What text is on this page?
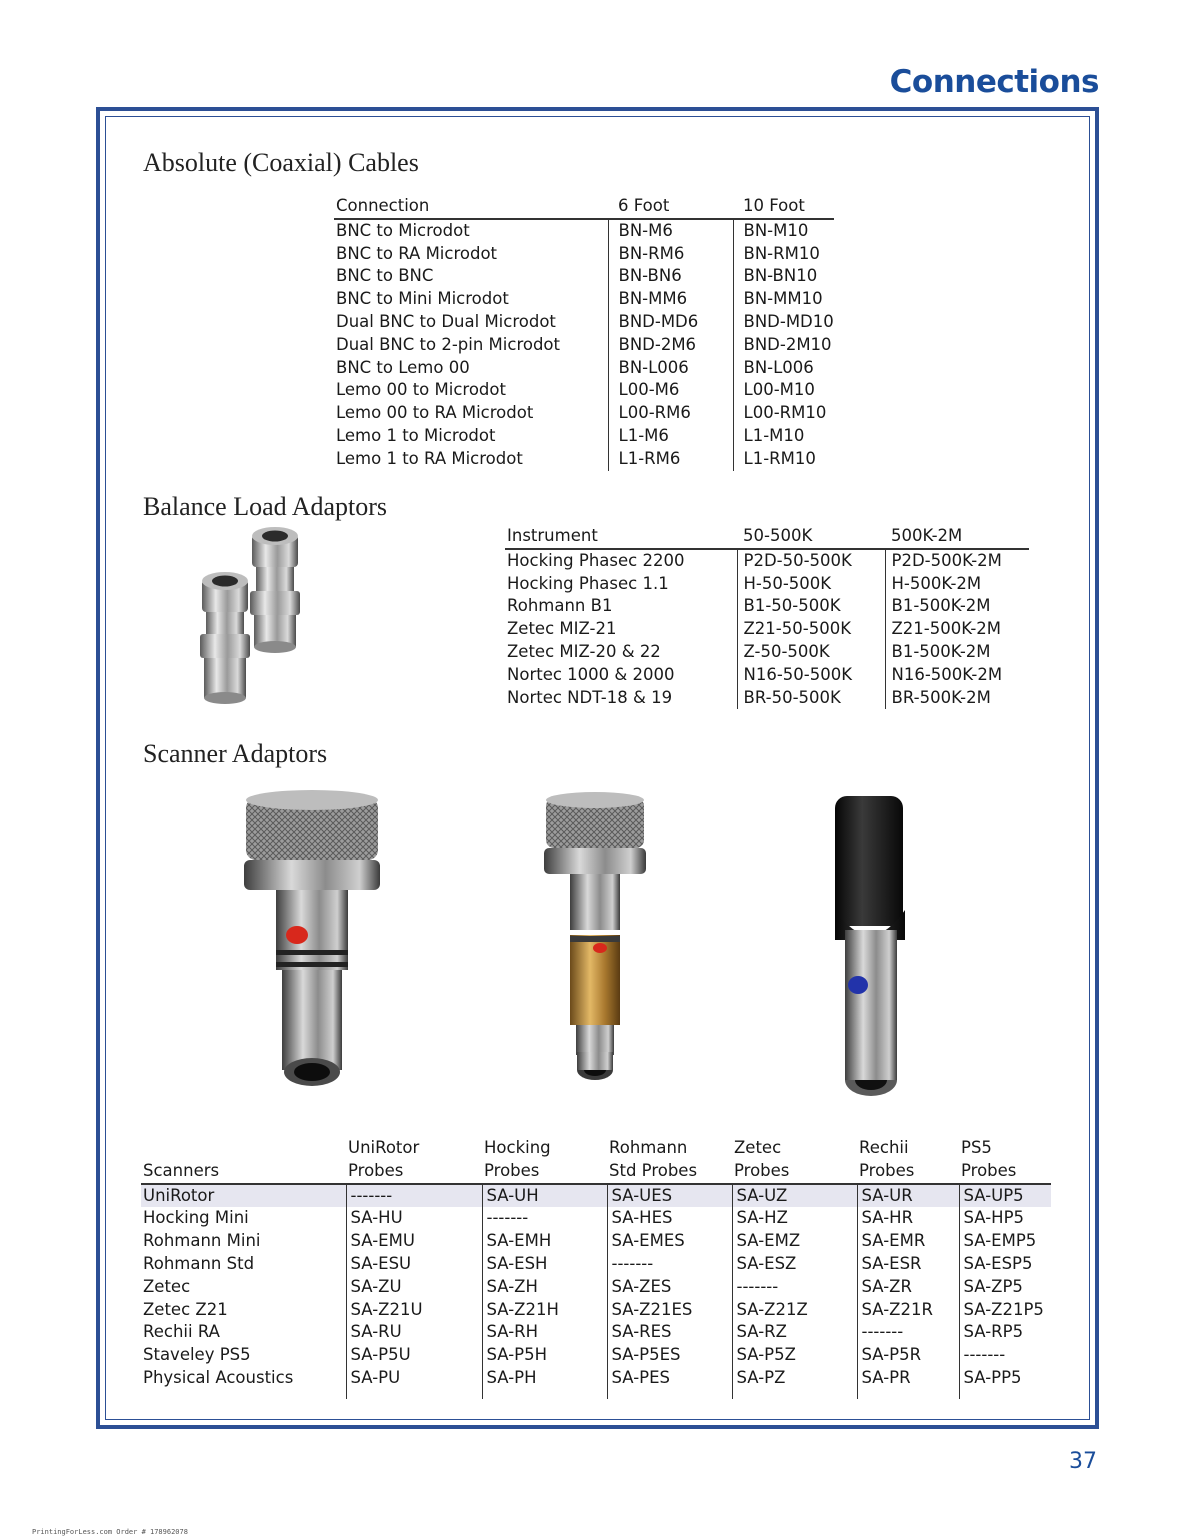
Connections
Absolute (Coaxial) Cables
Connection	6 Foot	10 Foot
BNC to Microdot	BN-M6	BN-M10
BNC to RA Microdot	BN-RM6	BN-RM10
BNC to BNC	BN-BN6	BN-BN10
BNC to Mini Microdot	BN-MM6	BN-MM10
Dual BNC to Dual Microdot	BND-MD6	BND-MD10
Dual BNC to 2-pin Microdot	BND-2M6	BND-2M10
BNC to Lemo 00	BN-L006	BN-L006
Lemo 00 to Microdot	L00-M6	L00-M10
Lemo 00 to RA Microdot	L00-RM6	L00-RM10
Lemo 1 to Microdot	L1-M6	L1-M10
Lemo 1 to RA Microdot	L1-RM6	L1-RM10
Balance Load Adaptors
Instrument	50-500K	500K-2M
Hocking Phasec 2200	P2D-50-500K	P2D-500K-2M
Hocking Phasec 1.1	H-50-500K	H-500K-2M
Rohmann B1	B1-50-500K	B1-500K-2M
Zetec MIZ-21	Z21-50-500K	Z21-500K-2M
Zetec MIZ-20 & 22	Z-50-500K	B1-500K-2M
Nortec 1000 & 2000	N16-50-500K	N16-500K-2M
Nortec NDT-18 & 19	BR-50-500K	BR-500K-2M
Scanner Adaptors
	UniRotor	Hocking	Rohmann	Zetec	Rechii	PS5
Scanners	Probes	Probes	Std Probes	Probes	Probes	Probes
UniRotor	-------	SA-UH	SA-UES	SA-UZ	SA-UR	SA-UP5
Hocking Mini	SA-HU	-------	SA-HES	SA-HZ	SA-HR	SA-HP5
Rohmann Mini	SA-EMU	SA-EMH	SA-EMES	SA-EMZ	SA-EMR	SA-EMP5
Rohmann Std	SA-ESU	SA-ESH	-------	SA-ESZ	SA-ESR	SA-ESP5
Zetec	SA-ZU	SA-ZH	SA-ZES	-------	SA-ZR	SA-ZP5
Zetec Z21	SA-Z21U	SA-Z21H	SA-Z21ES	SA-Z21Z	SA-Z21R	SA-Z21P5
Rechii RA	SA-RU	SA-RH	SA-RES	SA-RZ	-------	SA-RP5
Staveley PS5	SA-P5U	SA-P5H	SA-P5ES	SA-P5Z	SA-P5R	-------
Physical Acoustics	SA-PU	SA-PH	SA-PES	SA-PZ	SA-PR	SA-PP5
37
PrintingForLess.com Order # 178962078
